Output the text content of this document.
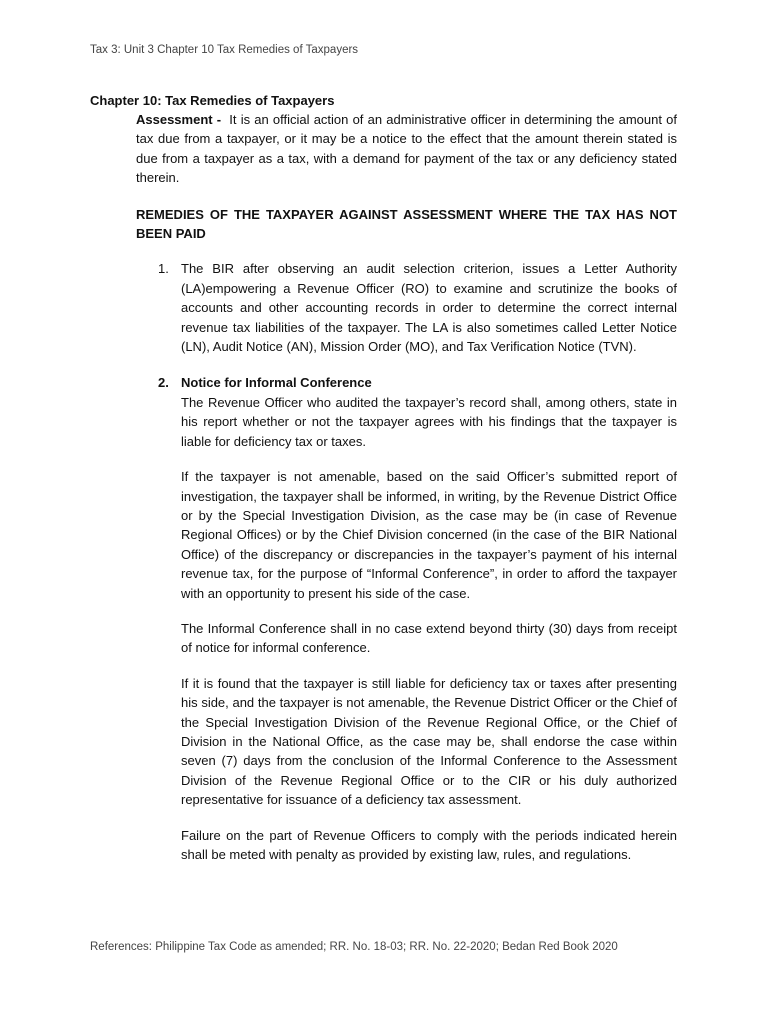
Tax 3: Unit 3 Chapter 10 Tax Remedies of Taxpayers
Chapter 10: Tax Remedies of Taxpayers

Assessment - It is an official action of an administrative officer in determining the amount of tax due from a taxpayer, or it may be a notice to the effect that the amount therein stated is due from a taxpayer as a tax, with a demand for payment of the tax or any deficiency stated therein.

REMEDIES OF THE TAXPAYER AGAINST ASSESSMENT WHERE THE TAX HAS NOT BEEN PAID

1. The BIR after observing an audit selection criterion, issues a Letter Authority (LA)empowering a Revenue Officer (RO) to examine and scrutinize the books of accounts and other accounting records in order to determine the correct internal revenue tax liabilities of the taxpayer. The LA is also sometimes called Letter Notice (LN), Audit Notice (AN), Mission Order (MO), and Tax Verification Notice (TVN).

2. Notice for Informal Conference

The Revenue Officer who audited the taxpayer’s record shall, among others, state in his report whether or not the taxpayer agrees with his findings that the taxpayer is liable for deficiency tax or taxes.

If the taxpayer is not amenable, based on the said Officer’s submitted report of investigation, the taxpayer shall be informed, in writing, by the Revenue District Office or by the Special Investigation Division, as the case may be (in case of Revenue Regional Offices) or by the Chief Division concerned (in the case of the BIR National Office) of the discrepancy or discrepancies in the taxpayer’s payment of his internal revenue tax, for the purpose of “Informal Conference”, in order to afford the taxpayer with an opportunity to present his side of the case.

The Informal Conference shall in no case extend beyond thirty (30) days from receipt of notice for informal conference.

If it is found that the taxpayer is still liable for deficiency tax or taxes after presenting his side, and the taxpayer is not amenable, the Revenue District Officer or the Chief of the Special Investigation Division of the Revenue Regional Office, or the Chief of Division in the National Office, as the case may be, shall endorse the case within seven (7) days from the conclusion of the Informal Conference to the Assessment Division of the Revenue Regional Office or to the CIR or his duly authorized representative for issuance of a deficiency tax assessment.

Failure on the part of Revenue Officers to comply with the periods indicated herein shall be meted with penalty as provided by existing law, rules, and regulations.

References: Philippine Tax Code as amended; RR. No. 18-03; RR. No. 22-2020; Bedan Red Book 2020
